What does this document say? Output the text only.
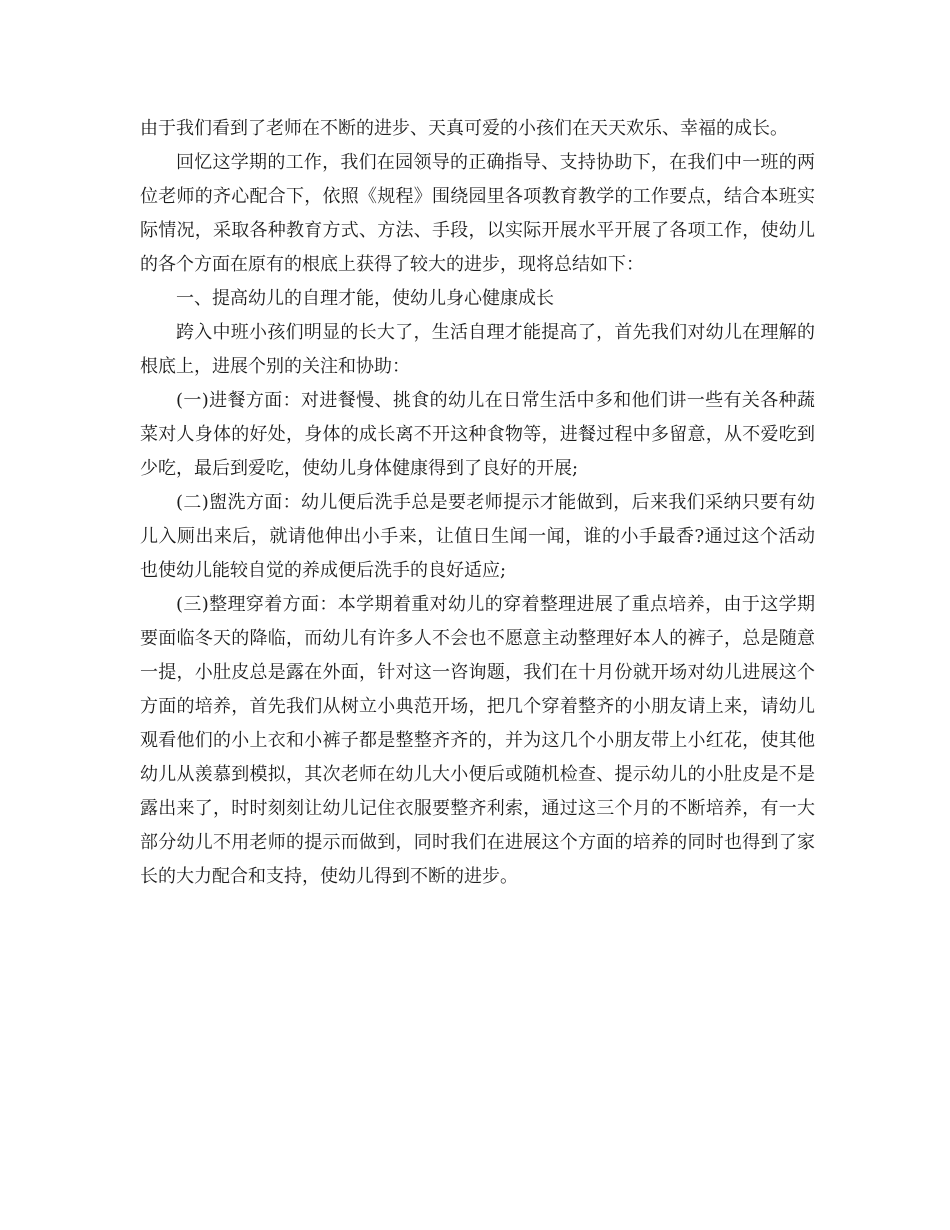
由于我们看到了老师在不断的进步、天真可爱的小孩们在天天欢乐、幸福的成长。

回忆这学期的工作，我们在园领导的正确指导、支持协助下，在我们中一班的两位老师的齐心配合下，依照《规程》围绕园里各项教育教学的工作要点，结合本班实际情况，采取各种教育方式、方法、手段，以实际开展水平开展了各项工作，使幼儿的各个方面在原有的根底上获得了较大的进步，现将总结如下：

一、提高幼儿的自理才能，使幼儿身心健康成长

跨入中班小孩们明显的长大了，生活自理才能提高了，首先我们对幼儿在理解的根底上，进展个别的关注和协助：

(一)进餐方面：对进餐慢、挑食的幼儿在日常生活中多和他们讲一些有关各种蔬菜对人身体的好处，身体的成长离不开这种食物等，进餐过程中多留意，从不爱吃到少吃，最后到爱吃，使幼儿身体健康得到了良好的开展;

(二)盥洗方面：幼儿便后洗手总是要老师提示才能做到，后来我们采纳只要有幼儿入厕出来后，就请他伸出小手来，让值日生闻一闻，谁的小手最香?通过这个活动也使幼儿能较自觉的养成便后洗手的良好适应;

(三)整理穿着方面：本学期着重对幼儿的穿着整理进展了重点培养，由于这学期要面临冬天的降临，而幼儿有许多人不会也不愿意主动整理好本人的裤子，总是随意一提，小肚皮总是露在外面，针对这一咨询题，我们在十月份就开场对幼儿进展这个方面的培养，首先我们从树立小典范开场，把几个穿着整齐的小朋友请上来，请幼儿观看他们的小上衣和小裤子都是整整齐齐的，并为这几个小朋友带上小红花，使其他幼儿从羡慕到模拟，其次老师在幼儿大小便后或随机检查、提示幼儿的小肚皮是不是露出来了，时时刻刻让幼儿记住衣服要整齐利索，通过这三个月的不断培养，有一大部分幼儿不用老师的提示而做到，同时我们在进展这个方面的培养的同时也得到了家长的大力配合和支持，使幼儿得到不断的进步。
